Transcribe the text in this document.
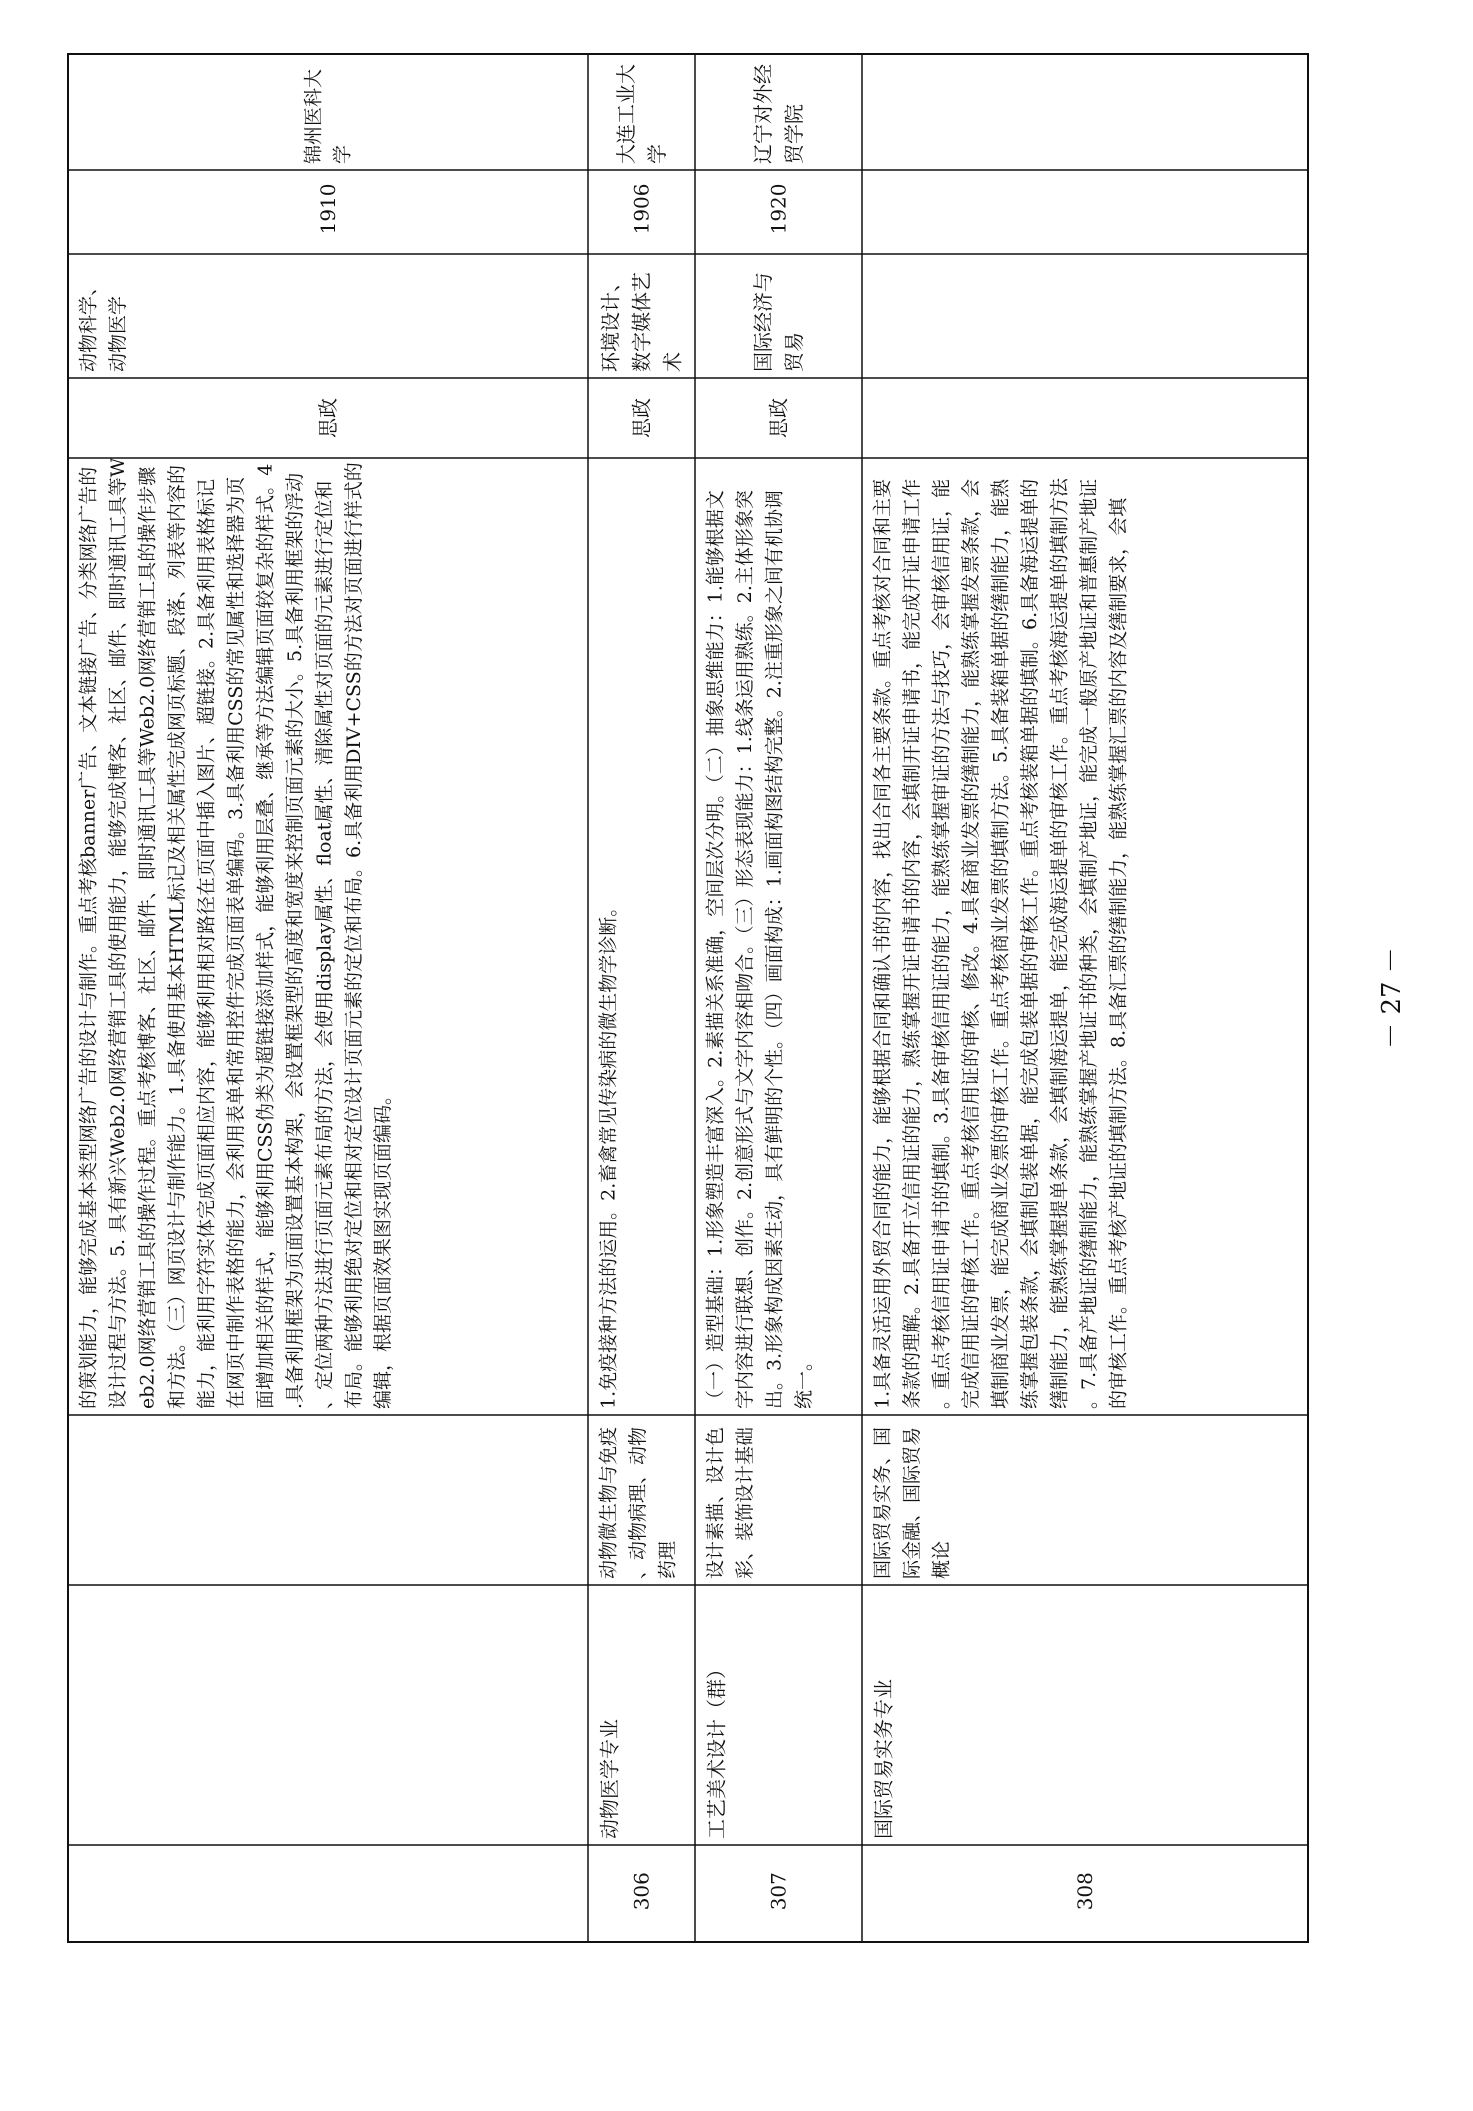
的策划能力，能够完成基本类型网络广告的设计与制作。重点考核banner广告、文本链接广告、分类网络广告的 设计过程与方法。5. 具有新兴Web2.0网络营销工具的使用能力，能够完成博客、社区、邮件、即时通讯工具等W eb2.0网络营销工具的操作过程。重点考核博客、社区、邮件、即时通讯工具等Web2.0网络营销工具的操作步骤 和方法。（三）网页设计与制作能力。1.具备使用基本HTML标记及相关属性完成网页标题、段落、列表等内容的 能力，能利用字符实体完成页面相应内容，能够利用相对路径在页面中插入图片、超链接。2.具备利用表格标记 在网页中制作表格的能力，会利用表单和常用控件完成页面表单编码。3.具备利用CSS的常见属性和选择器为页 面增加相关的样式，能够利用CSS伪类为超链接添加样式，能够利用层叠、继承等方法编辑页面较复杂的样式。4 .具备利用框架为页面设置基本构架，会设置框架型的高度和宽度来控制页面元素的大小。5.具备利用框架的浮动 、定位两种方法进行页面元素布局的方法，会使用display属性、float属性、清除属性对页面的元素进行定位和 布局。能够利用绝对定位和相对定位设计页面元素的定位和布局。6.具备利用DIV+CSS的方法对页面进行样式的 编辑，根据页面效果图实现页面编码。
思政
动物科学、 动物医学
1910
锦州医科大 学
306
动物医学专业
动物微生物与免疫 、动物病理、动物 药理
1.免疫接种方法的运用。2.畜禽常见传染病的微生物学诊断。
思政
环境设计、 数字媒体艺 术
1906
大连工业大 学
307
工艺美术设计（群）
设计素描、设计色 彩、装饰设计基础
（一）造型基础：1.形象塑造丰富深入。2.素描关系准确，空间层次分明。（二）抽象思维能力：1.能够根据文 字内容进行联想、创作。2.创意形式与文字内容相吻合。（三）形态表现能力：1.线条运用熟练。2.主体形象突 出。3.形象构成因素生动，具有鲜明的个性。（四）画面构成：1.画面构图结构完整。2.注重形象之间有机协调 统一。
思政
国际经济与 贸易
1920
辽宁对外经 贸学院
308
国际贸易实务专业
国际贸易实务、国 际金融、国际贸易 概论
1.具备灵活运用外贸合同的能力，能够根据合同和确认书的内容，找出合同各主要条款。重点考核对合同和主要 条款的理解。2.具备开立信用证的能力，熟练掌握开证申请书的内容，会填制开证申请书，能完成开证申请工作 。重点考核信用证申请书的填制。3.具备审核信用证的能力，能熟练掌握审证的方法与技巧，会审核信用证，能 完成信用证的审核工作。重点考核信用证的审核、修改。4.具备商业发票的缮制能力，能熟练掌握发票条款，会 填制商业发票，能完成商业发票的审核工作。重点考核商业发票的填制方法。5.具备装箱单据的缮制能力，能熟 练掌握包装条款，会填制包装单据，能完成包装单据的审核工作。重点考核装箱单据的填制。6.具备海运提单的 缮制能力，能熟练掌握提单条款，会填制海运提单，能完成海运提单的审核工作。重点考核海运提单的填制方法 。7.具备产地证的缮制能力，能熟练掌握产地证书的种类，会填制产地证，能完成一般原产地证和普惠制产地证 的审核工作。重点考核产地证的填制方法。8.具备汇票的缮制能力，能熟练掌握汇票的内容及缮制要求，会填	－ 27 －
